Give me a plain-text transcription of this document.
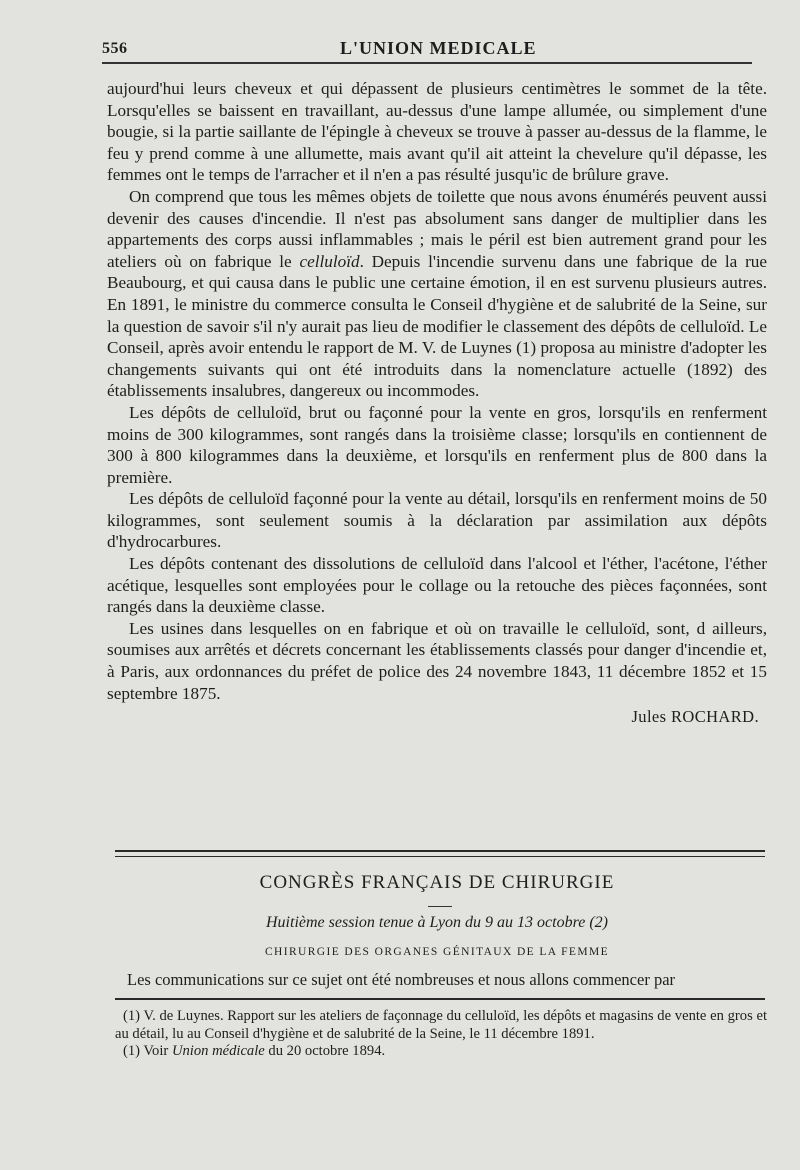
556	L'UNION MEDICALE

aujourd'hui leurs cheveux et qui dépassent de plusieurs centimètres le sommet de la tête. Lorsqu'elles se baissent en travaillant, au-dessus d'une lampe allumée, ou simplement d'une bougie, si la partie saillante de l'épingle à cheveux se trouve à passer au-dessus de la flamme, le feu y prend comme à une allumette, mais avant qu'il ait atteint la chevelure qu'il dépasse, les femmes ont le temps de l'arracher et il n'en a pas résulté jusqu'ic de brûlure grave.

On comprend que tous les mêmes objets de toilette que nous avons énumérés peuvent aussi devenir des causes d'incendie. Il n'est pas absolument sans danger de multiplier dans les appartements des corps aussi inflammables ; mais le péril est bien autrement grand pour les ateliers où on fabrique le celluloïd. Depuis l'incendie survenu dans une fabrique de la rue Beaubourg, et qui causa dans le public une certaine émotion, il en est survenu plusieurs autres. En 1891, le ministre du commerce consulta le Conseil d'hygiène et de salubrité de la Seine, sur la question de savoir s'il n'y aurait pas lieu de modifier le classement des dépôts de celluloïd. Le Conseil, après avoir entendu le rapport de M. V. de Luynes (1) proposa au ministre d'adopter les changements suivants qui ont été introduits dans la nomenclature actuelle (1892) des établissements insalubres, dangereux ou incommodes.

Les dépôts de celluloïd, brut ou façonné pour la vente en gros, lorsqu'ils en renferment moins de 300 kilogrammes, sont rangés dans la troisième classe; lorsqu'ils en contiennent de 300 à 800 kilogrammes dans la deuxième, et lorsqu'ils en renferment plus de 800 dans la première.

Les dépôts de celluloïd façonné pour la vente au détail, lorsqu'ils en renferment moins de 50 kilogrammes, sont seulement soumis à la déclaration par assimilation aux dépôts d'hydrocarbures.

Les dépôts contenant des dissolutions de celluloïd dans l'alcool et l'éther, l'acétone, l'éther acétique, lesquelles sont employées pour le collage ou la retouche des pièces façonnées, sont rangés dans la deuxième classe.

Les usines dans lesquelles on en fabrique et où on travaille le celluloïd, sont, d ailleurs, soumises aux arrêtés et décrets concernant les établissements classés pour danger d'incendie et, à Paris, aux ordonnances du préfet de police des 24 novembre 1843, 11 décembre 1852 et 15 septembre 1875.

Jules ROCHARD.
CONGRÈS FRANÇAIS DE CHIRURGIE
Huitième session tenue à Lyon du 9 au 13 octobre (2)
CHIRURGIE DES ORGANES GÉNITAUX DE LA FEMME
Les communications sur ce sujet ont été nombreuses et nous allons commencer par

(1) V. de Luynes. Rapport sur les ateliers de façonnage du celluloïd, les dépôts et magasins de vente en gros et au détail, lu au Conseil d'hygiène et de salubrité de la Seine, le 11 décembre 1891.

(1) Voir Union médicale du 20 octobre 1894.
